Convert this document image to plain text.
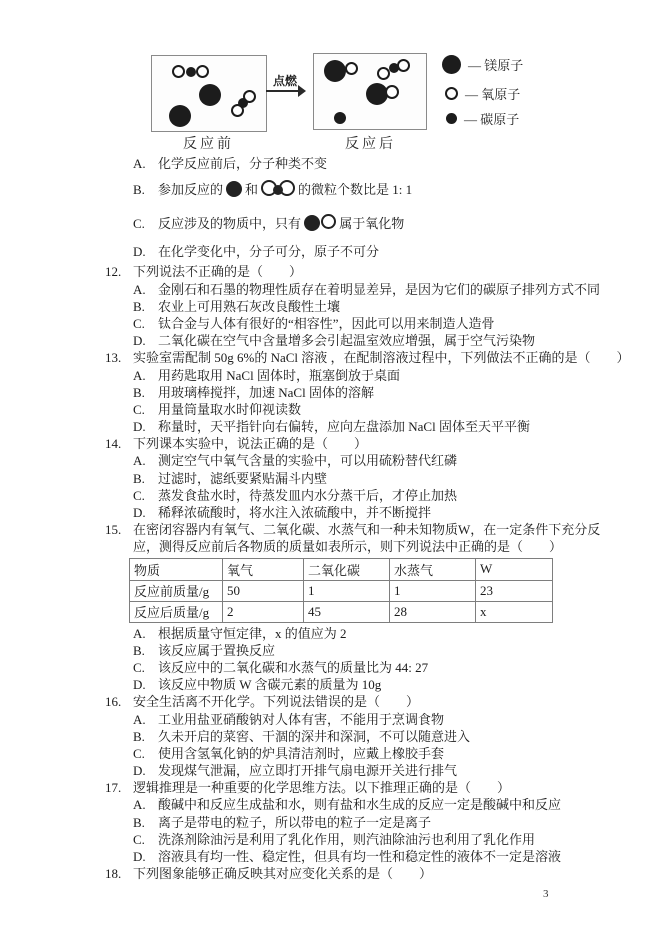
点燃
反应前	反应后
— 镁原子
— 氧原子
— 碳原子
A. 化学反应前后，分子种类不变
B. 参加反应的 和	的微粒个数比是 1: 1
C. 反应涉及的物质中，只有	属于氧化物
D. 在化学变化中，分子可分，原子不可分
12. 下列说法不正确的是（　　）
A. 金刚石和石墨的物理性质存在着明显差异，是因为它们的碳原子排列方式不同
B. 农业上可用熟石灰改良酸性土壤
C. 钛合金与人体有很好的“相容性”，因此可以用来制造人造骨
D. 二氧化碳在空气中含量增多会引起温室效应增强，属于空气污染物
13. 实验室需配制 50g 6%的 NaCl 溶液 ，在配制溶液过程中，下列做法不正确的是（　　）
A. 用药匙取用 NaCl 固体时，瓶塞倒放于桌面
B. 用玻璃棒搅拌，加速 NaCl 固体的溶解
C. 用量筒量取水时仰视读数
D. 称量时，天平指针向右偏转，应向左盘添加 NaCl 固体至天平平衡
14. 下列课本实验中，说法正确的是（　　）
A. 测定空气中氧气含量的实验中，可以用硫粉替代红磷
B. 过滤时，滤纸要紧贴漏斗内壁
C. 蒸发食盐水时，待蒸发皿内水分蒸干后，才停止加热
D. 稀释浓硫酸时，将水注入浓硫酸中，并不断搅拌
15. 在密闭容器内有氧气、二氧化碳、水蒸气和一种未知物质W，在一定条件下充分反
应，测得反应前后各物质的质量如表所示，则下列说法中正确的是（　　）
物质	氧气	二氧化碳	水蒸气	W
反应前质量/g	50	1	1	23
反应后质量/g	2	45	28	x
A. 根据质量守恒定律，x 的值应为 2
B. 该反应属于置换反应
C. 该反应中的二氧化碳和水蒸气的质量比为 44: 27
D. 该反应中物质 W 含碳元素的质量为 10g
16. 安全生活离不开化学。下列说法错误的是（　　）
A. 工业用盐亚硝酸钠对人体有害，不能用于烹调食物
B. 久未开启的菜窖、干涸的深井和深洞，不可以随意进入
C. 使用含氢氧化钠的炉具清洁剂时，应戴上橡胶手套
D. 发现煤气泄漏，应立即打开排气扇电源开关进行排气
17. 逻辑推理是一种重要的化学思维方法。以下推理正确的是（　　）
A. 酸碱中和反应生成盐和水，则有盐和水生成的反应一定是酸碱中和反应
B. 离子是带电的粒子，所以带电的粒子一定是离子
C. 洗涤剂除油污是利用了乳化作用，则汽油除油污也利用了乳化作用
D. 溶液具有均一性、稳定性，但具有均一性和稳定性的液体不一定是溶液
18. 下列图象能够正确反映其对应变化关系的是（　　）
3
